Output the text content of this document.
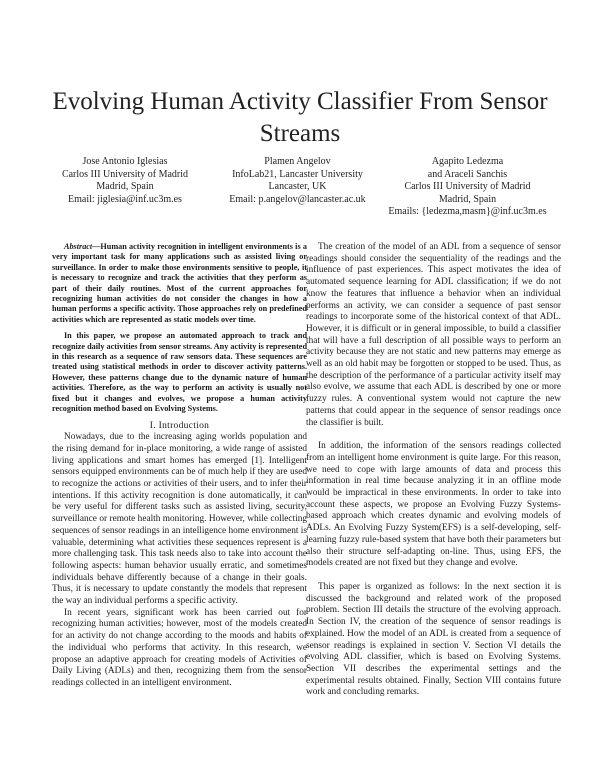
Evolving Human Activity Classifier From Sensor Streams
Jose Antonio Iglesias
Carlos III University of Madrid
Madrid, Spain
Email: jiglesia@inf.uc3m.es
Plamen Angelov
InfoLab21, Lancaster University
Lancaster, UK
Email: p.angelov@lancaster.ac.uk
Agapito Ledezma
and Araceli Sanchis
Carlos III University of Madrid
Madrid, Spain
Emails: {ledezma,masm}@inf.uc3m.es

Abstract—Human activity recognition in intelligent environments is a very important task for many applications such as assisted living or surveillance. In order to make those environments sensitive to people, it is necessary to recognize and track the activities that they perform as part of their daily routines. Most of the current approaches for recognizing human activities do not consider the changes in how a human performs a specific activity. Those approaches rely on predefined activities which are represented as static models over time.

In this paper, we propose an automated approach to track and recognize daily activities from sensor streams. Any activity is represented in this research as a sequence of raw sensors data. These sequences are treated using statistical methods in order to discover activity patterns. However, these patterns change due to the dynamic nature of human activities. Therefore, as the way to perform an activity is usually not fixed but it changes and evolves, we propose a human activity recognition method based on Evolving Systems.

I. Introduction

Nowadays, due to the increasing aging worlds population and the rising demand for in-place monitoring, a wide range of assisted living applications and smart homes has emerged [1]. Intelligent sensors equipped environments can be of much help if they are used to recognize the actions or activities of their users, and to infer their intentions. If this activity recognition is done automatically, it can be very useful for different tasks such as assisted living, security, surveillance or remote health monitoring. However, while collecting sequences of sensor readings in an intelligence home environment is valuable, determining what activities these sequences represent is a more challenging task. This task needs also to take into account the following aspects: human behavior usually erratic, and sometimes individuals behave differently because of a change in their goals. Thus, it is necessary to update constantly the models that represent the way an individual performs a specific activity.

In recent years, significant work has been carried out for recognizing human activities; however, most of the models created for an activity do not change according to the moods and habits of the individual who performs that activity. In this research, we propose an adaptive approach for creating models of Activities of Daily Living (ADLs) and then, recognizing them from the sensor readings collected in an intelligent environment.

The creation of the model of an ADL from a sequence of sensor readings should consider the sequentiality of the readings and the influence of past experiences. This aspect motivates the idea of automated sequence learning for ADL classification; if we do not know the features that influence a behavior when an individual performs an activity, we can consider a sequence of past sensor readings to incorporate some of the historical context of that ADL. However, it is difficult or in general impossible, to build a classifier that will have a full description of all possible ways to perform an activity because they are not static and new patterns may emerge as well as an old habit may be forgotten or stopped to be used. Thus, as the description of the performance of a particular activity itself may also evolve, we assume that each ADL is described by one or more fuzzy rules. A conventional system would not capture the new patterns that could appear in the sequence of sensor readings once the classifier is built.

In addition, the information of the sensors readings collected from an intelligent home environment is quite large. For this reason, we need to cope with large amounts of data and process this information in real time because analyzing it in an offline mode would be impractical in these environments. In order to take into account these aspects, we propose an Evolving Fuzzy Systems-based approach which creates dynamic and evolving models of ADLs. An Evolving Fuzzy System(EFS) is a self-developing, self-learning fuzzy rule-based system that have both their parameters but also their structure self-adapting on-line. Thus, using EFS, the models created are not fixed but they change and evolve.

This paper is organized as follows: In the next section it is discussed the background and related work of the proposed problem. Section III details the structure of the evolving approach. In Section IV, the creation of the sequence of sensor readings is explained. How the model of an ADL is created from a sequence of sensor readings is explained in section V. Section VI details the evolving ADL classifier, which is based on Evolving Systems. Section VII describes the experimental settings and the experimental results obtained. Finally, Section VIII contains future work and concluding remarks.
